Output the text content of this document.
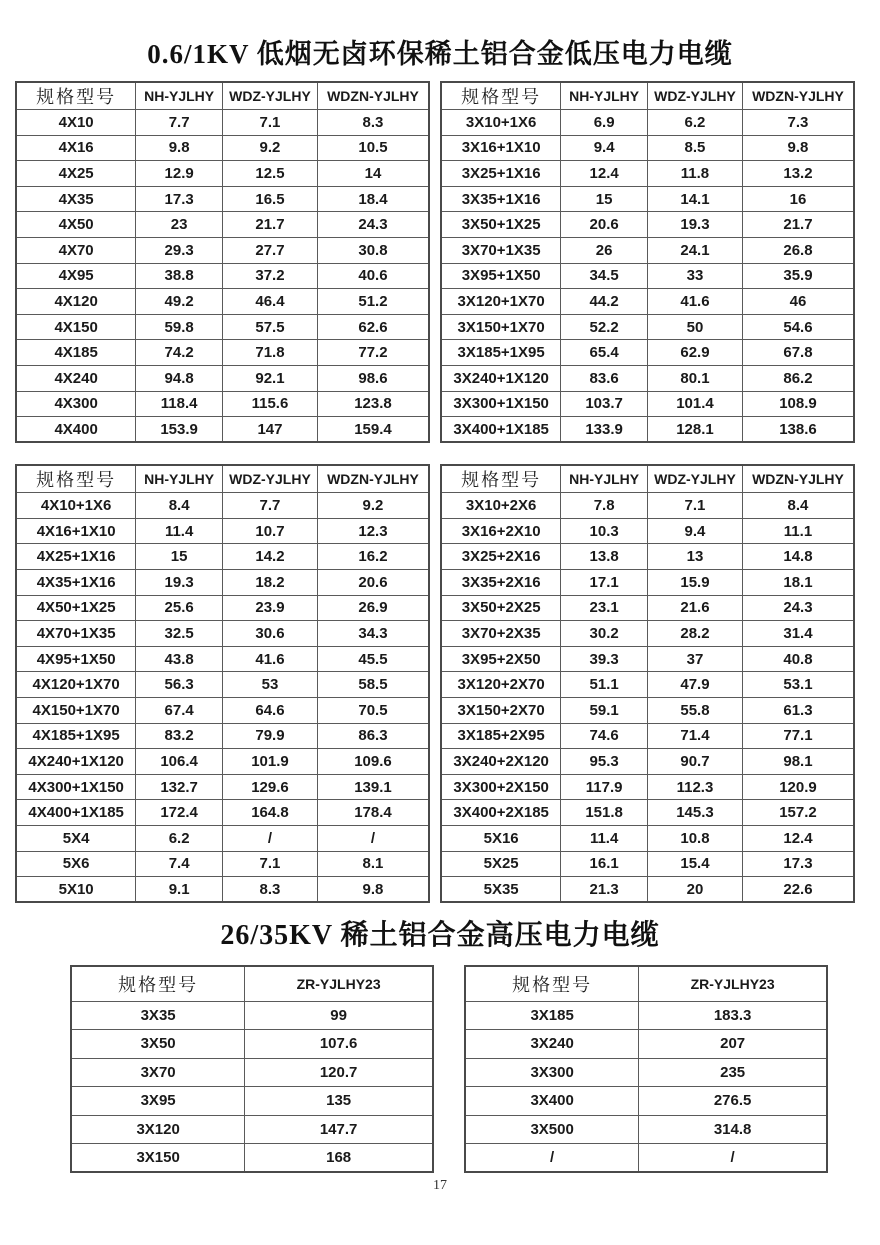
0.6/1KV 低烟无卤环保稀土铝合金低压电力电缆
规格型号	NH-YJLHY	WDZ-YJLHY	WDZN-YJLHY
4X10	7.7	7.1	8.3
4X16	9.8	9.2	10.5
4X25	12.9	12.5	14
4X35	17.3	16.5	18.4
4X50	23	21.7	24.3
4X70	29.3	27.7	30.8
4X95	38.8	37.2	40.6
4X120	49.2	46.4	51.2
4X150	59.8	57.5	62.6
4X185	74.2	71.8	77.2
4X240	94.8	92.1	98.6
4X300	118.4	115.6	123.8
4X400	153.9	147	159.4
规格型号	NH-YJLHY	WDZ-YJLHY	WDZN-YJLHY
3X10+1X6	6.9	6.2	7.3
3X16+1X10	9.4	8.5	9.8
3X25+1X16	12.4	11.8	13.2
3X35+1X16	15	14.1	16
3X50+1X25	20.6	19.3	21.7
3X70+1X35	26	24.1	26.8
3X95+1X50	34.5	33	35.9
3X120+1X70	44.2	41.6	46
3X150+1X70	52.2	50	54.6
3X185+1X95	65.4	62.9	67.8
3X240+1X120	83.6	80.1	86.2
3X300+1X150	103.7	101.4	108.9
3X400+1X185	133.9	128.1	138.6
规格型号	NH-YJLHY	WDZ-YJLHY	WDZN-YJLHY
4X10+1X6	8.4	7.7	9.2
4X16+1X10	11.4	10.7	12.3
4X25+1X16	15	14.2	16.2
4X35+1X16	19.3	18.2	20.6
4X50+1X25	25.6	23.9	26.9
4X70+1X35	32.5	30.6	34.3
4X95+1X50	43.8	41.6	45.5
4X120+1X70	56.3	53	58.5
4X150+1X70	67.4	64.6	70.5
4X185+1X95	83.2	79.9	86.3
4X240+1X120	106.4	101.9	109.6
4X300+1X150	132.7	129.6	139.1
4X400+1X185	172.4	164.8	178.4
5X4	6.2	/	/
5X6	7.4	7.1	8.1
5X10	9.1	8.3	9.8
规格型号	NH-YJLHY	WDZ-YJLHY	WDZN-YJLHY
3X10+2X6	7.8	7.1	8.4
3X16+2X10	10.3	9.4	11.1
3X25+2X16	13.8	13	14.8
3X35+2X16	17.1	15.9	18.1
3X50+2X25	23.1	21.6	24.3
3X70+2X35	30.2	28.2	31.4
3X95+2X50	39.3	37	40.8
3X120+2X70	51.1	47.9	53.1
3X150+2X70	59.1	55.8	61.3
3X185+2X95	74.6	71.4	77.1
3X240+2X120	95.3	90.7	98.1
3X300+2X150	117.9	112.3	120.9
3X400+2X185	151.8	145.3	157.2
5X16	11.4	10.8	12.4
5X25	16.1	15.4	17.3
5X35	21.3	20	22.6
26/35KV 稀土铝合金高压电力电缆
规格型号	ZR-YJLHY23
3X35	99
3X50	107.6
3X70	120.7
3X95	135
3X120	147.7
3X150	168
规格型号	ZR-YJLHY23
3X185	183.3
3X240	207
3X300	235
3X400	276.5
3X500	314.8
/	/
17
